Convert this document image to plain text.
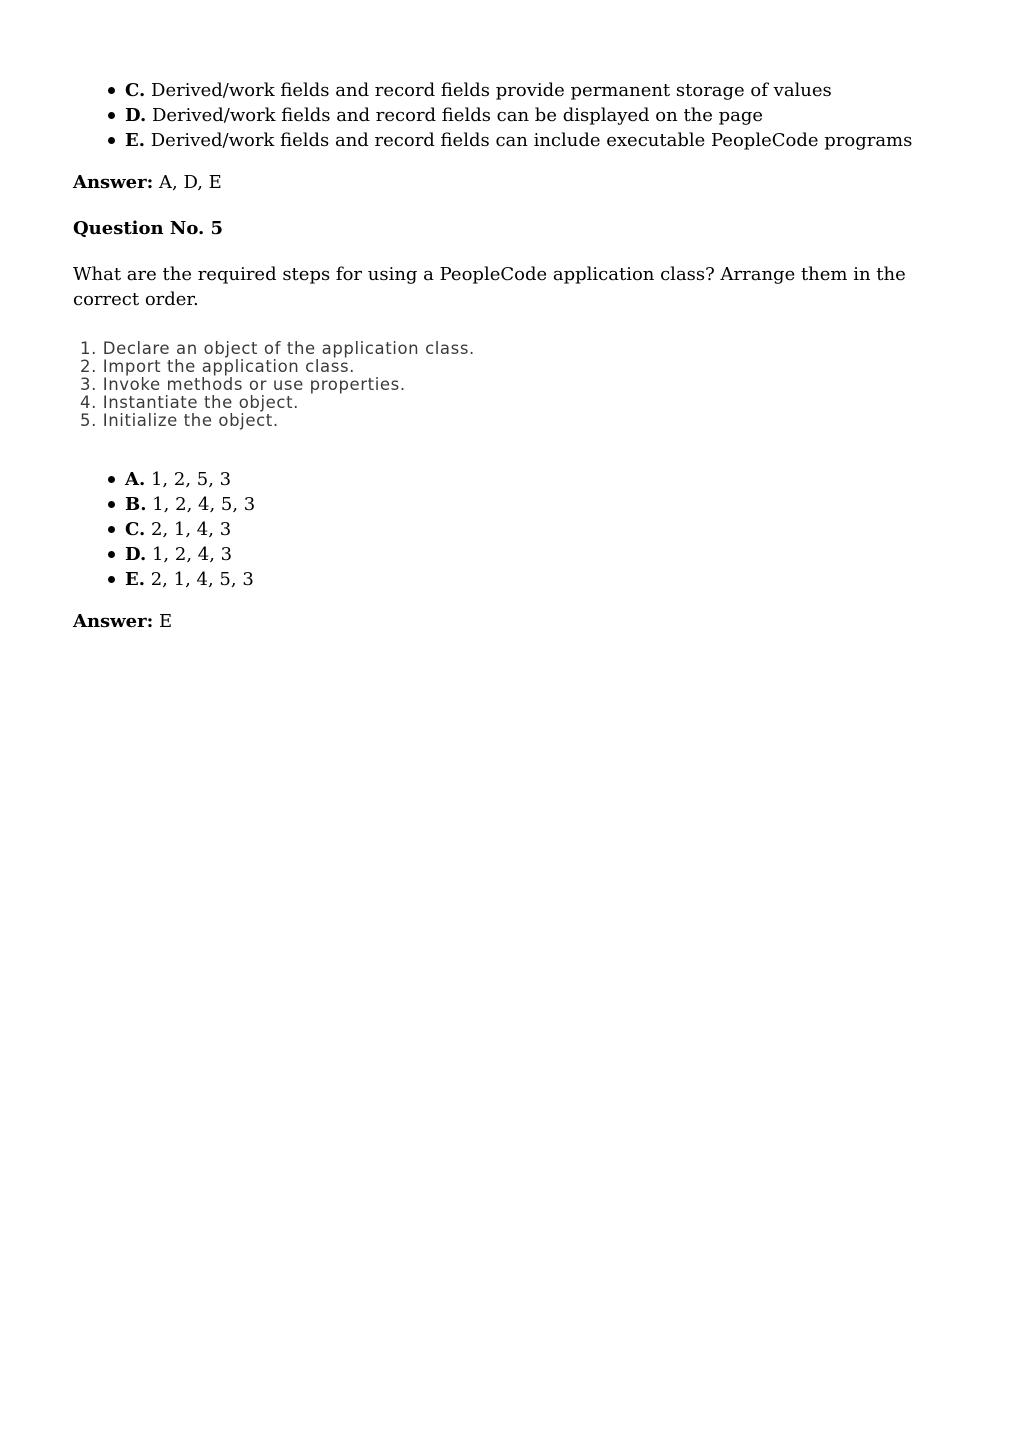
C. Derived/work fields and record fields provide permanent storage of values
D. Derived/work fields and record fields can be displayed on the page
E. Derived/work fields and record fields can include executable PeopleCode programs
Answer: A, D, E
Question No. 5
What are the required steps for using a PeopleCode application class? Arrange them in the correct order.
1. Declare an object of the application class.
2. Import the application class.
3. Invoke methods or use properties.
4. Instantiate the object.
5. Initialize the object.
A. 1, 2, 5, 3
B. 1, 2, 4, 5, 3
C. 2, 1, 4, 3
D. 1, 2, 4, 3
E. 2, 1, 4, 5, 3
Answer: E
